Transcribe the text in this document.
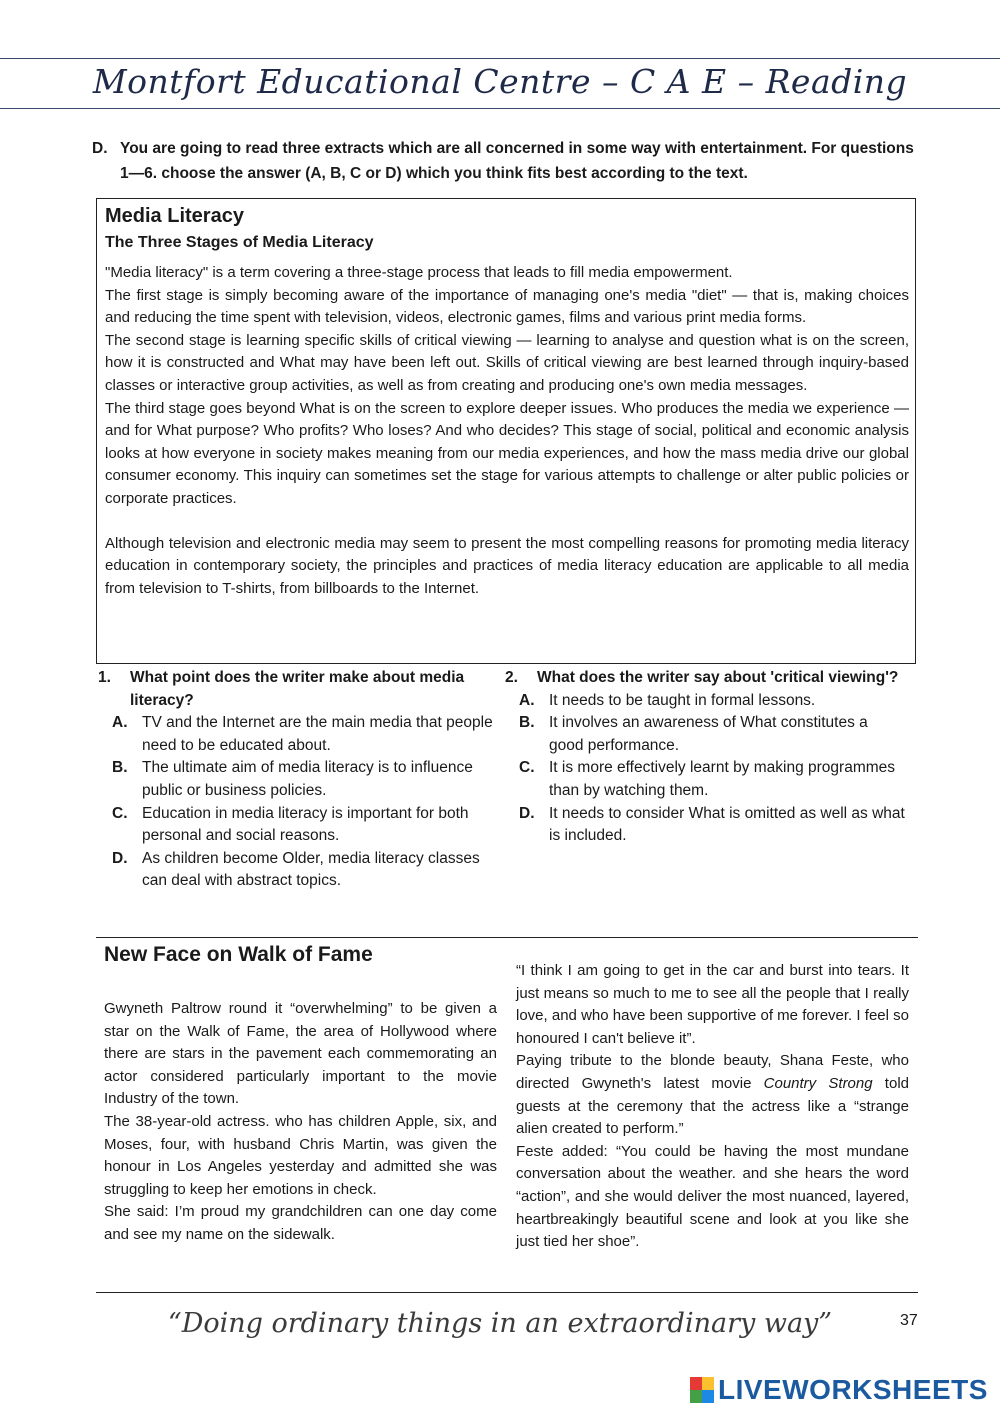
Montfort Educational Centre – C A E – Reading
D. You are going to read three extracts which are all concerned in some way with entertainment. For questions 1—6. choose the answer (A, B, C or D) which you think fits best according to the text.
Media Literacy
The Three Stages of Media Literacy

"Media literacy" is a term covering a three-stage process that leads to fill media empowerment.

The first stage is simply becoming aware of the importance of managing one's media "diet" — that is, making choices and reducing the time spent with television, videos, electronic games, films and various print media forms.

The second stage is learning specific skills of critical viewing — learning to analyse and question what is on the screen, how it is constructed and What may have been left out. Skills of critical viewing are best learned through inquiry-based classes or interactive group activities, as well as from creating and producing one's own media messages.

The third stage goes beyond What is on the screen to explore deeper issues. Who produces the media we experience — and for What purpose? Who profits? Who loses? And who decides? This stage of social, political and economic analysis looks at how everyone in society makes meaning from our media experiences, and how the mass media drive our global consumer economy. This inquiry can sometimes set the stage for various attempts to challenge or alter public policies or corporate practices.

Although television and electronic media may seem to present the most compelling reasons for promoting media literacy education in contemporary society, the principles and practices of media literacy education are applicable to all media from television to T-shirts, from billboards to the Internet.

1. What point does the writer make about media literacy?
A. TV and the Internet are the main media that people need to be educated about.
B. The ultimate aim of media literacy is to influence public or business policies.
C. Education in media literacy is important for both personal and social reasons.
D. As children become Older, media literacy classes can deal with abstract topics.
2. What does the writer say about 'critical viewing'?
A. It needs to be taught in formal lessons.
B. It involves an awareness of What constitutes a good performance.
C. It is more effectively learnt by making programmes than by watching them.
D. It needs to consider What is omitted as well as what is included.
New Face on Walk of Fame

Gwyneth Paltrow round it “overwhelming” to be given a star on the Walk of Fame, the area of Hollywood where there are stars in the pavement each commemorating an actor considered particularly important to the movie Industry of the town.

The 38-year-old actress. who has children Apple, six, and Moses, four, with husband Chris Martin, was given the honour in Los Angeles yesterday and admitted she was struggling to keep her emotions in check.

She said: I’m proud my grandchildren can one day come and see my name on the sidewalk.

“I think I am going to get in the car and burst into tears. It just means so much to me to see all the people that I really love, and who have been supportive of me forever. I feel so honoured I can't believe it”.

Paying tribute to the blonde beauty, Shana Feste, who directed Gwyneth's latest movie Country Strong told guests at the ceremony that the actress like a “strange alien created to perform.”

Feste added: “You could be having the most mundane conversation about the weather. and she hears the word “action”, and she would deliver the most nuanced, layered, heartbreakingly beautiful scene and look at you like she just tied her shoe”.

“Doing ordinary things in an extraordinary way”	37
LIVEWORKSHEETS
